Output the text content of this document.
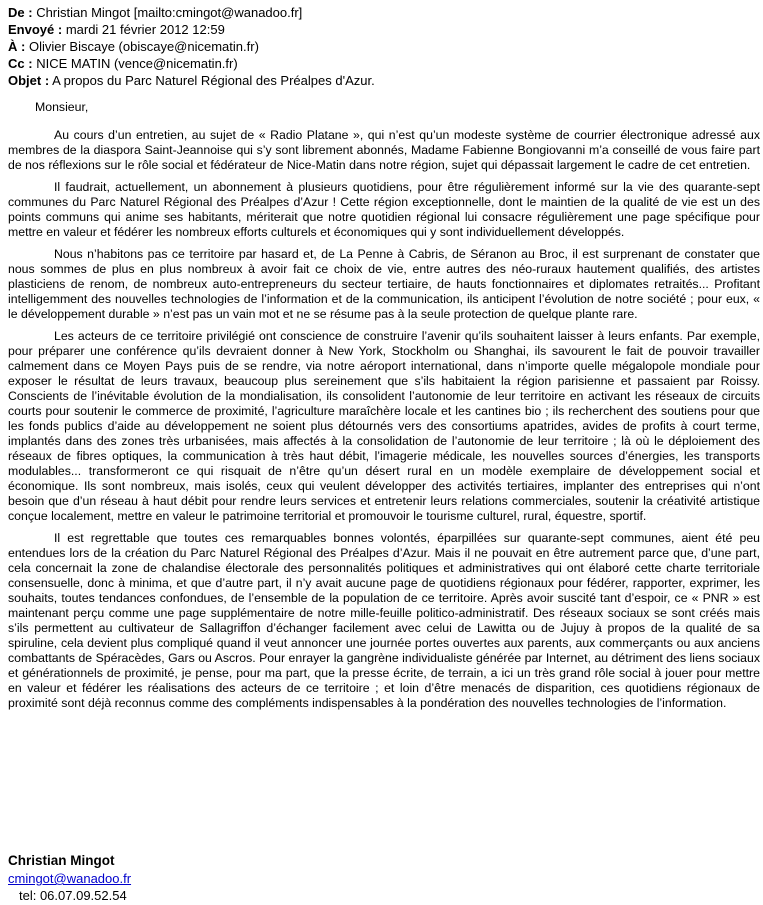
De : Christian Mingot [mailto:cmingot@wanadoo.fr]
Envoyé : mardi 21 février 2012 12:59
À : Olivier Biscaye (obiscaye@nicematin.fr)
Cc : NICE MATIN (vence@nicematin.fr)
Objet : A propos du Parc Naturel Régional des Préalpes d'Azur.
Monsieur,

Au cours d’un entretien, au sujet de « Radio Platane », qui n’est qu’un modeste système de courrier électronique adressé aux membres de la diaspora Saint-Jeannoise qui s’y sont librement abonnés, Madame Fabienne Bongiovanni m’a conseillé de vous faire part de nos réflexions sur le rôle social et fédérateur de Nice-Matin dans notre région, sujet qui dépassait largement le cadre de cet entretien.

Il faudrait, actuellement, un abonnement à plusieurs quotidiens, pour être régulièrement informé sur la vie des quarante-sept communes du Parc Naturel Régional des Préalpes d’Azur ! Cette région exceptionnelle, dont le maintien de la qualité de vie est un des points communs qui anime ses habitants, mériterait que notre quotidien régional lui consacre régulièrement une page spécifique pour mettre en valeur et fédérer les nombreux efforts culturels et économiques qui y sont individuellement développés.

Nous n’habitons pas ce territoire par hasard et, de La Penne à Cabris, de Séranon au Broc, il est surprenant de constater que nous sommes de plus en plus nombreux à avoir fait ce choix de vie, entre autres des néo-ruraux hautement qualifiés, des artistes plasticiens de renom, de nombreux auto-entrepreneurs du secteur tertiaire, de hauts fonctionnaires et diplomates retraités... Profitant intelligemment des nouvelles technologies de l’information et de la communication, ils anticipent l’évolution de notre société ; pour eux, « le développement durable » n’est pas un vain mot et ne se résume pas à la seule protection de quelque plante rare.

Les acteurs de ce territoire privilégié ont conscience de construire l’avenir qu’ils souhaitent laisser à leurs enfants. Par exemple, pour préparer une conférence qu’ils devraient donner à New York, Stockholm ou Shanghai, ils savourent le fait de pouvoir travailler calmement dans ce Moyen Pays puis de se rendre, via notre aéroport international, dans n’importe quelle mégalopole mondiale pour exposer le résultat de leurs travaux, beaucoup plus sereinement que s’ils habitaient la région parisienne et passaient par Roissy. Conscients de l’inévitable évolution de la mondialisation, ils consolident l’autonomie de leur territoire en activant les réseaux de circuits courts pour soutenir le commerce de proximité, l’agriculture maraîchère locale et les cantines bio ; ils recherchent des soutiens pour que les fonds publics d’aide au développement ne soient plus détournés vers des consortiums apatrides, avides de profits à court terme, implantés dans des zones très urbanisées, mais affectés à la consolidation de l’autonomie de leur territoire ; là où le déploiement des réseaux de fibres optiques, la communication à très haut débit, l’imagerie médicale, les nouvelles sources d’énergies, les transports modulables... transformeront ce qui risquait de n’être qu’un désert rural en un modèle exemplaire de développement social et économique. Ils sont nombreux, mais isolés, ceux qui veulent développer des activités tertiaires, implanter des entreprises qui n’ont besoin que d’un réseau à haut débit pour rendre leurs services et entretenir leurs relations commerciales, soutenir la créativité artistique conçue localement, mettre en valeur le patrimoine territorial et promouvoir le tourisme culturel, rural, équestre, sportif.

Il est regrettable que toutes ces remarquables bonnes volontés, éparpillées sur quarante-sept communes, aient été peu entendues lors de la création du Parc Naturel Régional des Préalpes d’Azur. Mais il ne pouvait en être autrement parce que, d’une part, cela concernait la zone de chalandise électorale des personnalités politiques et administratives qui ont élaboré cette charte territoriale consensuelle, donc à minima, et que d’autre part, il n’y avait aucune page de quotidiens régionaux pour fédérer, rapporter, exprimer, les souhaits, toutes tendances confondues, de l’ensemble de la population de ce territoire. Après avoir suscité tant d’espoir, ce « PNR » est maintenant perçu comme une page supplémentaire de notre mille-feuille politico-administratif. Des réseaux sociaux se sont créés mais s’ils permettent au cultivateur de Sallagriffon d’échanger facilement avec celui de Lawitta ou de Jujuy à propos de la qualité de sa spiruline, cela devient plus compliqué quand il veut annoncer une journée portes ouvertes aux parents, aux commerçants ou aux anciens combattants de Spéracèdes, Gars ou Ascros. Pour enrayer la gangrène individualiste générée par Internet, au détriment des liens sociaux et générationnels de proximité, je pense, pour ma part, que la presse écrite, de terrain, a ici un très grand rôle social à jouer pour mettre en valeur et fédérer les réalisations des acteurs de ce territoire ; et loin d’être menacés de disparition, ces quotidiens régionaux de proximité sont déjà reconnus comme des compléments indispensables à la pondération des nouvelles technologies de l’information.

Christian Mingot
cmingot@wanadoo.fr
tel: 06.07.09.52.54
